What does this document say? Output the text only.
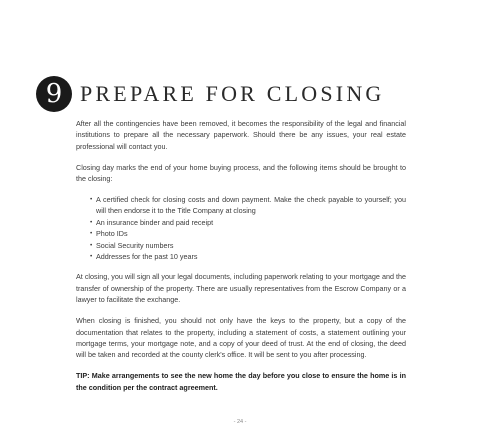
9 PREPARE FOR CLOSING

After all the contingencies have been removed, it becomes the responsibility of the legal and financial institutions to prepare all the necessary paperwork. Should there be any issues, your real estate professional will contact you.

Closing day marks the end of your home buying process, and the following items should be brought to the closing:

• A certified check for closing costs and down payment. Make the check payable to yourself; you will then endorse it to the Title Company at closing
• An insurance binder and paid receipt
• Photo IDs
• Social Security numbers
• Addresses for the past 10 years

At closing, you will sign all your legal documents, including paperwork relating to your mortgage and the transfer of ownership of the property. There are usually representatives from the Escrow Company or a lawyer to facilitate the exchange.

When closing is finished, you should not only have the keys to the property, but a copy of the documentation that relates to the property, including a statement of costs, a statement outlining your mortgage terms, your mortgage note, and a copy of your deed of trust. At the end of closing, the deed will be taken and recorded at the county clerk's office. It will be sent to you after processing.

TIP: Make arrangements to see the new home the day before you close to ensure the home is in the condition per the contract agreement.

- 24 -
